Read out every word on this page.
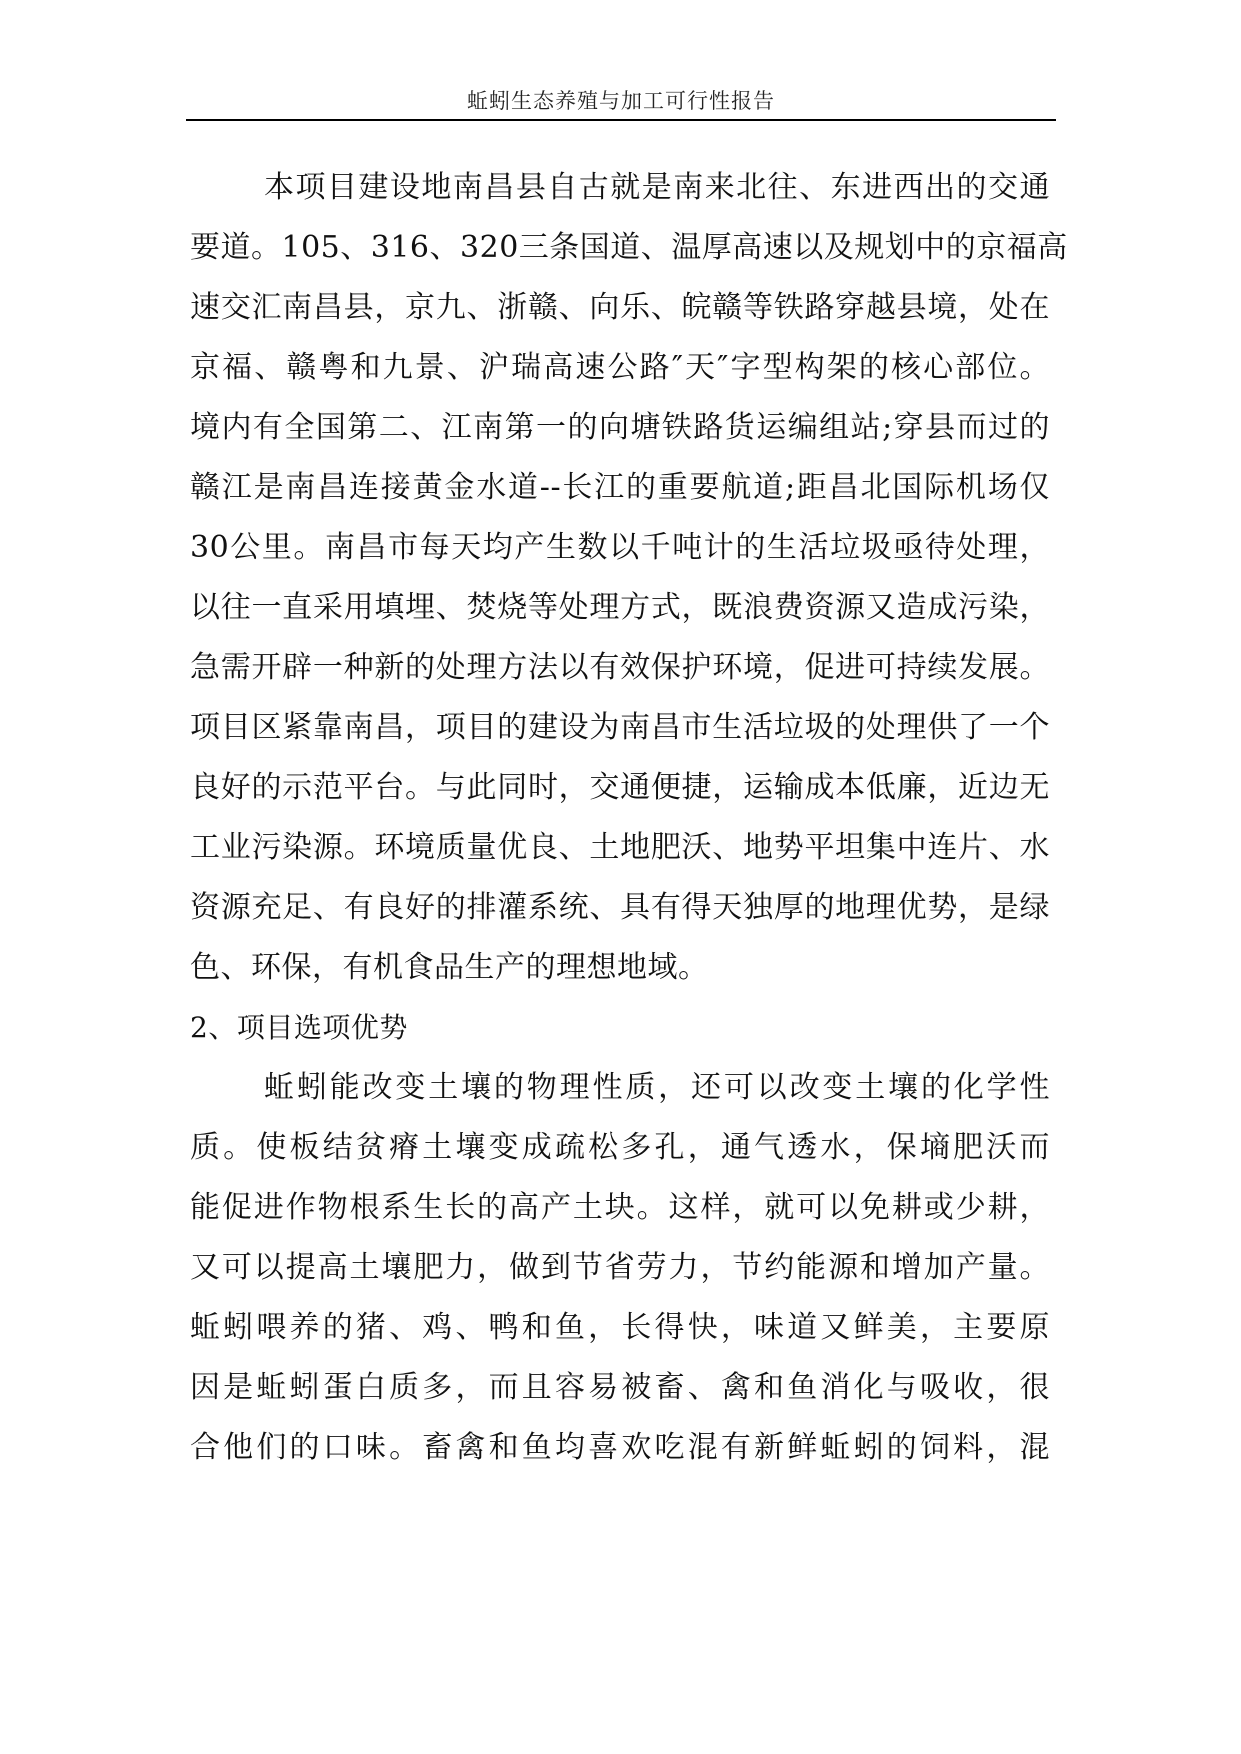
蚯蚓生态养殖与加工可行性报告
本项目建设地南昌县自古就是南来北往、东进西出的交通
要道。105、316、320三条国道、温厚高速以及规划中的京福高
速交汇南昌县，京九、浙赣、向乐、皖赣等铁路穿越县境，处在
京福、赣粤和九景、沪瑞高速公路″天″字型构架的核心部位。
境内有全国第二、江南第一的向塘铁路货运编组站;穿县而过的
赣江是南昌连接黄金水道--长江的重要航道;距昌北国际机场仅
30公里。南昌市每天均产生数以千吨计的生活垃圾亟待处理，
以往一直采用填埋、焚烧等处理方式，既浪费资源又造成污染，
急需开辟一种新的处理方法以有效保护环境，促进可持续发展。
项目区紧靠南昌，项目的建设为南昌市生活垃圾的处理供了一个
良好的示范平台。与此同时，交通便捷，运输成本低廉，近边无
工业污染源。环境质量优良、土地肥沃、地势平坦集中连片、水
资源充足、有良好的排灌系统、具有得天独厚的地理优势，是绿
色、环保，有机食品生产的理想地域。
2、项目选项优势
蚯蚓能改变土壤的物理性质，还可以改变土壤的化学性
质。使板结贫瘠土壤变成疏松多孔，通气透水，保墒肥沃而
能促进作物根系生长的高产土块。这样，就可以免耕或少耕，
又可以提高土壤肥力，做到节省劳力，节约能源和增加产量。
蚯蚓喂养的猪、鸡、鸭和鱼，长得快，味道又鲜美，主要原
因是蚯蚓蛋白质多，而且容易被畜、禽和鱼消化与吸收，很
合他们的口味。畜禽和鱼均喜欢吃混有新鲜蚯蚓的饲料，混
